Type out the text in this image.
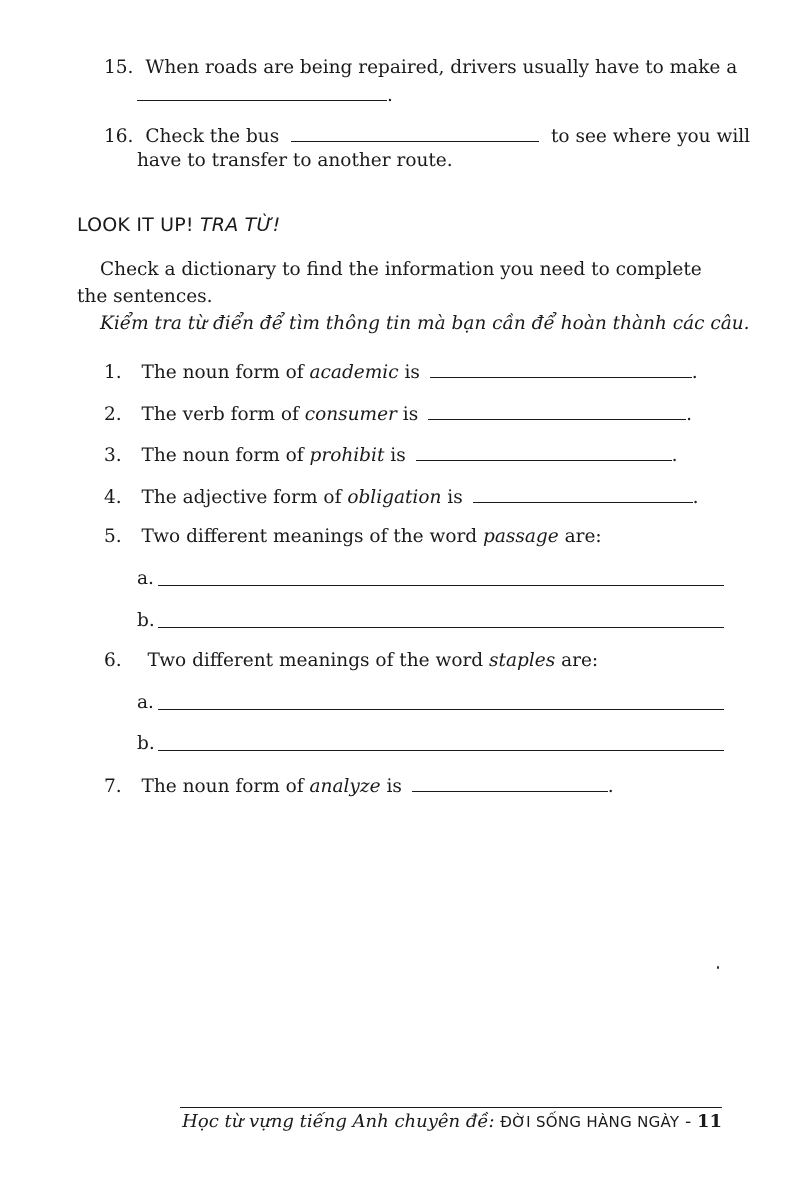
15. When roads are being repaired, drivers usually have to make a
.
16. Check the bus	to see where you will
have to transfer to another route.
LOOK IT UP! TRA TỪ!
Check a dictionary to find the information you need to complete the sentences.
Kiểm tra từ điển để tìm thông tin mà bạn cần để hoàn thành các câu.
1. The noun form of academic is	.
2. The verb form of consumer is	.
3. The noun form of prohibit is	.
4. The adjective form of obligation is	.
5. Two different meanings of the word passage are:
a.
b.
6. Two different meanings of the word staples are:
a.
b.
7. The noun form of analyze is	.
Học từ vựng tiếng Anh chuyên đề: ĐỜI SỐNG HÀNG NGÀY - 11
